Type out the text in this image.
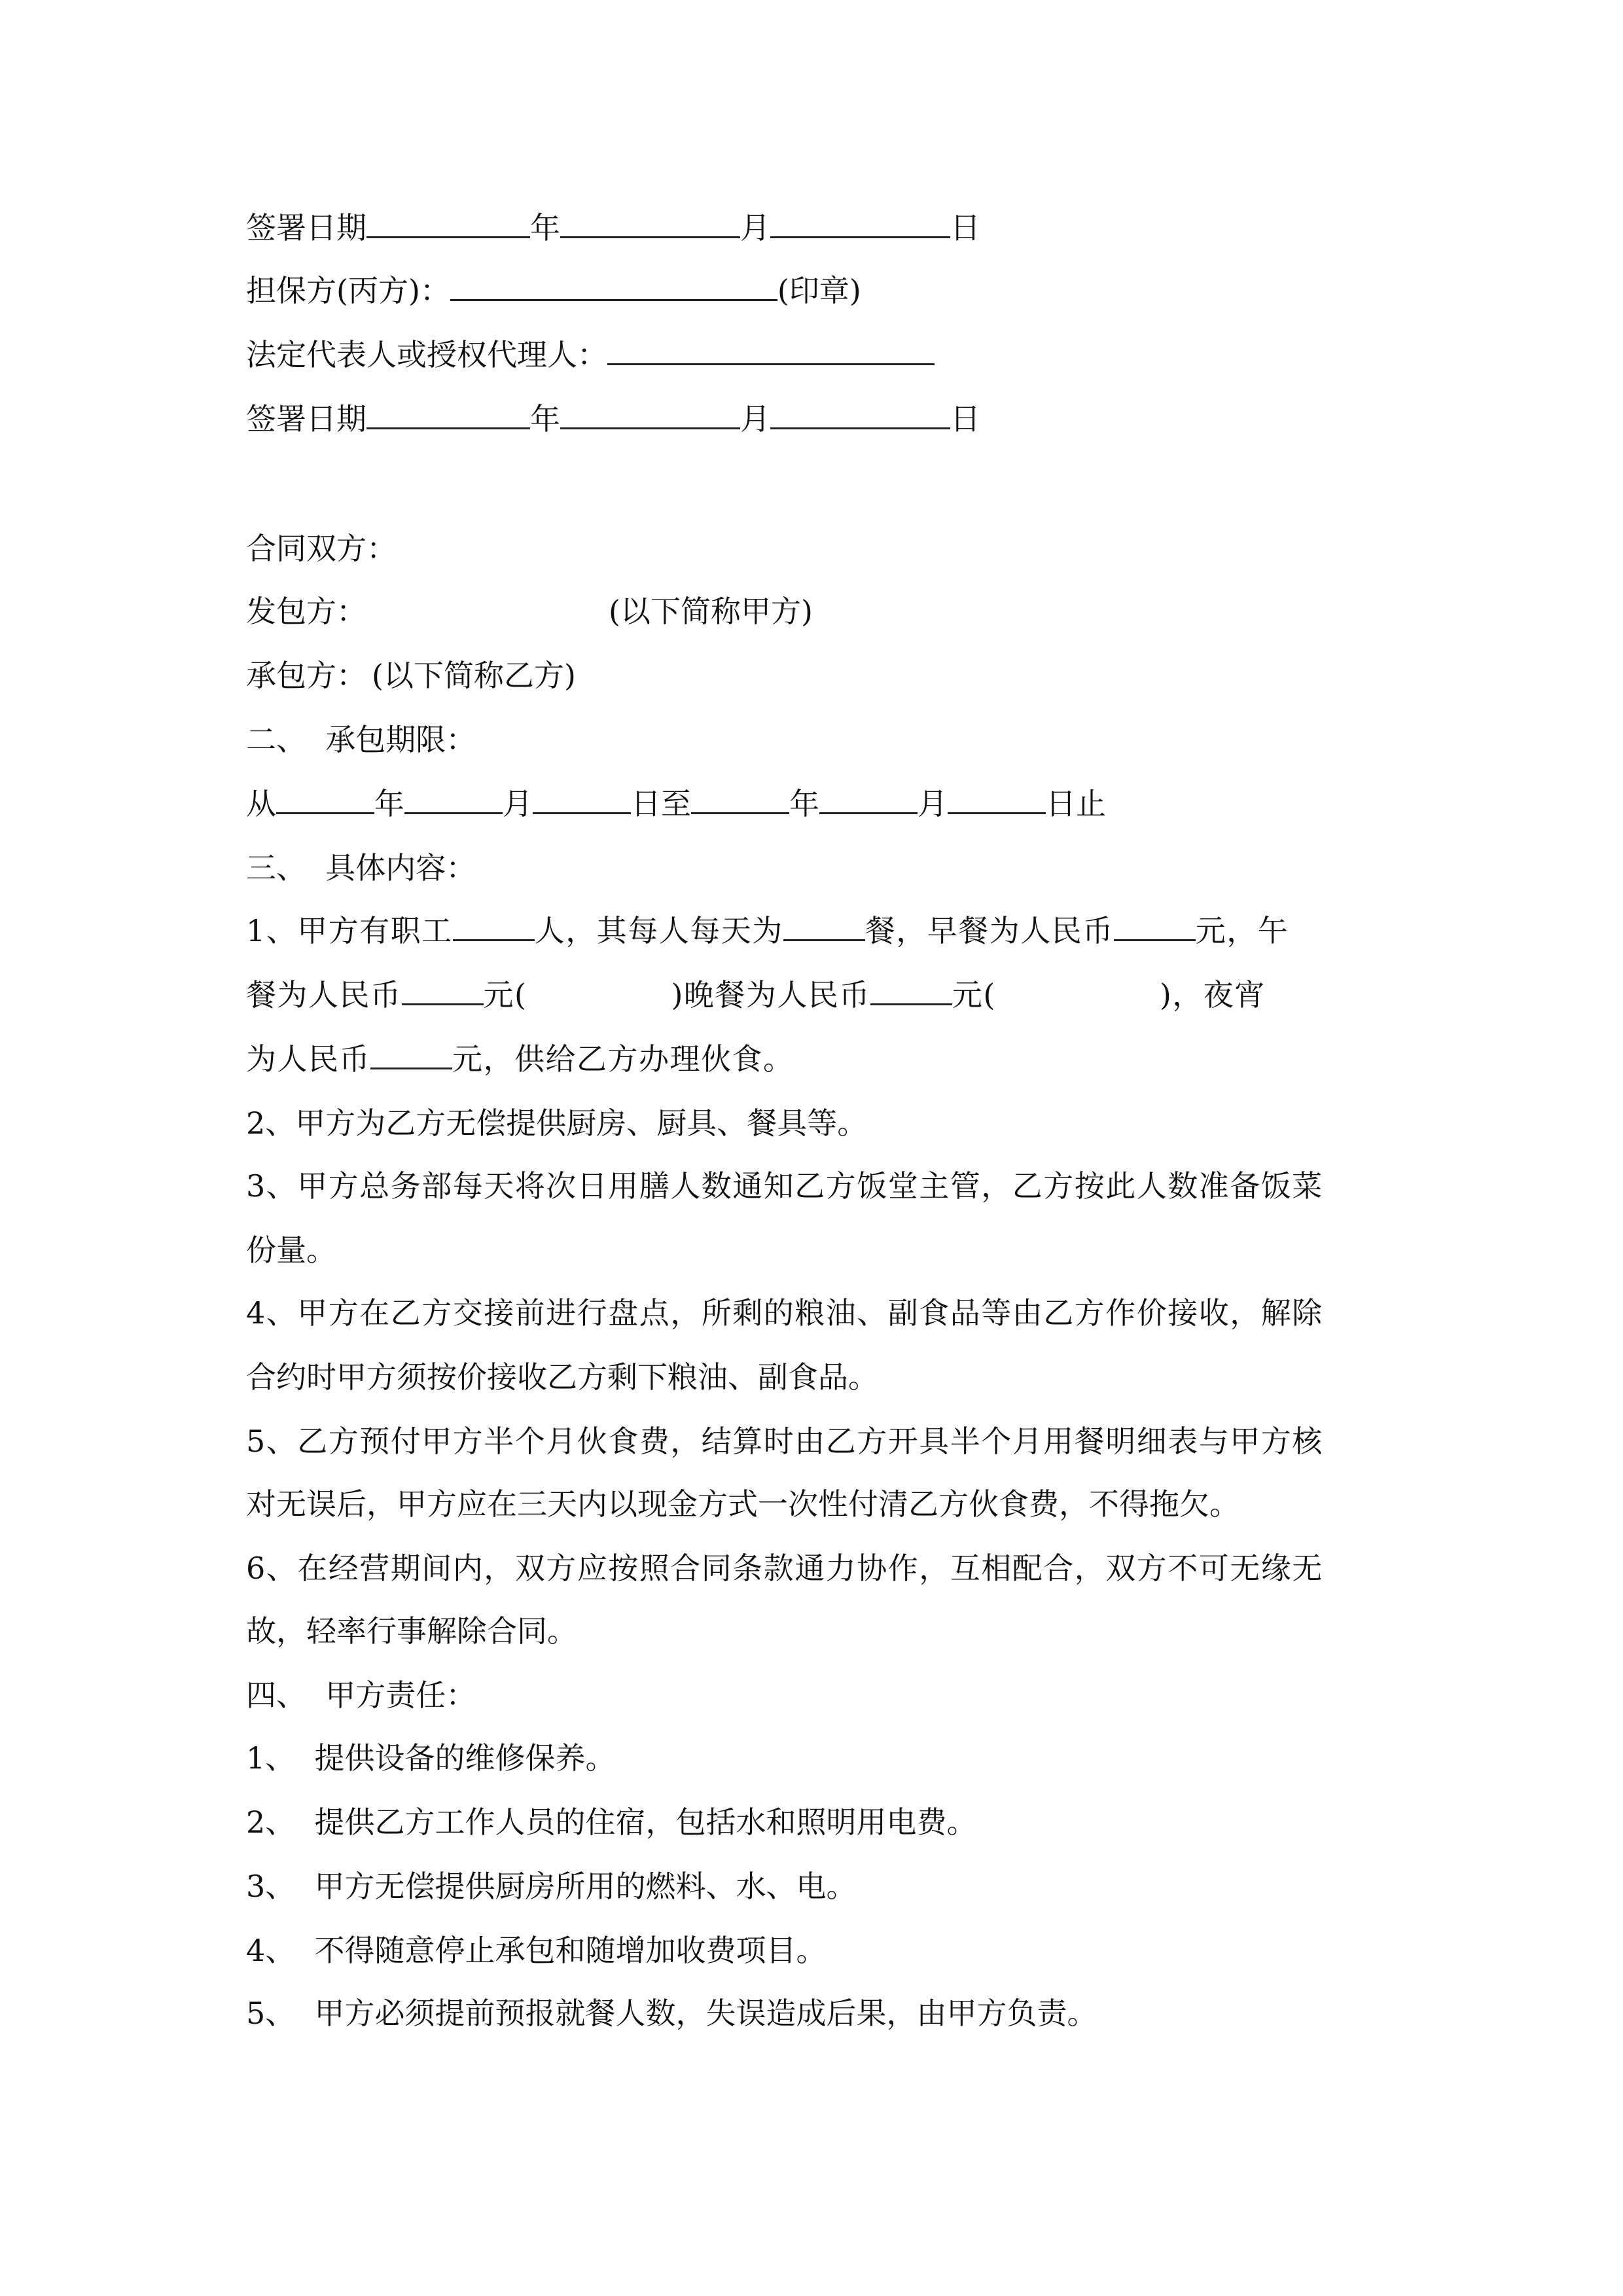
签署日期	年	月	日
担保方(丙方)：	(印章)
法定代表人或授权代理人：
签署日期	年	月	日
合同双方：
发包方：	(以下简称甲方)
承包方： (以下简称乙方)
二、  承包期限：
从	年	月	日至	年	月	日止
三、  具体内容：
1、甲方有职工	人，其每人每天为	餐，早餐为人民币	元，午
餐为人民币	元(	)晚餐为人民币	元(	)，夜宵
为人民币	元，供给乙方办理伙食。
2、甲方为乙方无偿提供厨房、厨具、餐具等。
3、甲方总务部每天将次日用膳人数通知乙方饭堂主管，乙方按此人数准备饭菜
份量。
4、甲方在乙方交接前进行盘点，所剩的粮油、副食品等由乙方作价接收，解除
合约时甲方须按价接收乙方剩下粮油、副食品。
5、乙方预付甲方半个月伙食费，结算时由乙方开具半个月用餐明细表与甲方核
对无误后，甲方应在三天内以现金方式一次性付清乙方伙食费，不得拖欠。
6、在经营期间内，双方应按照合同条款通力协作，互相配合，双方不可无缘无
故，轻率行事解除合同。
四、  甲方责任：
1、  提供设备的维修保养。
2、  提供乙方工作人员的住宿，包括水和照明用电费。
3、  甲方无偿提供厨房所用的燃料、水、电。
4、  不得随意停止承包和随增加收费项目。
5、  甲方必须提前预报就餐人数，失误造成后果，由甲方负责。
